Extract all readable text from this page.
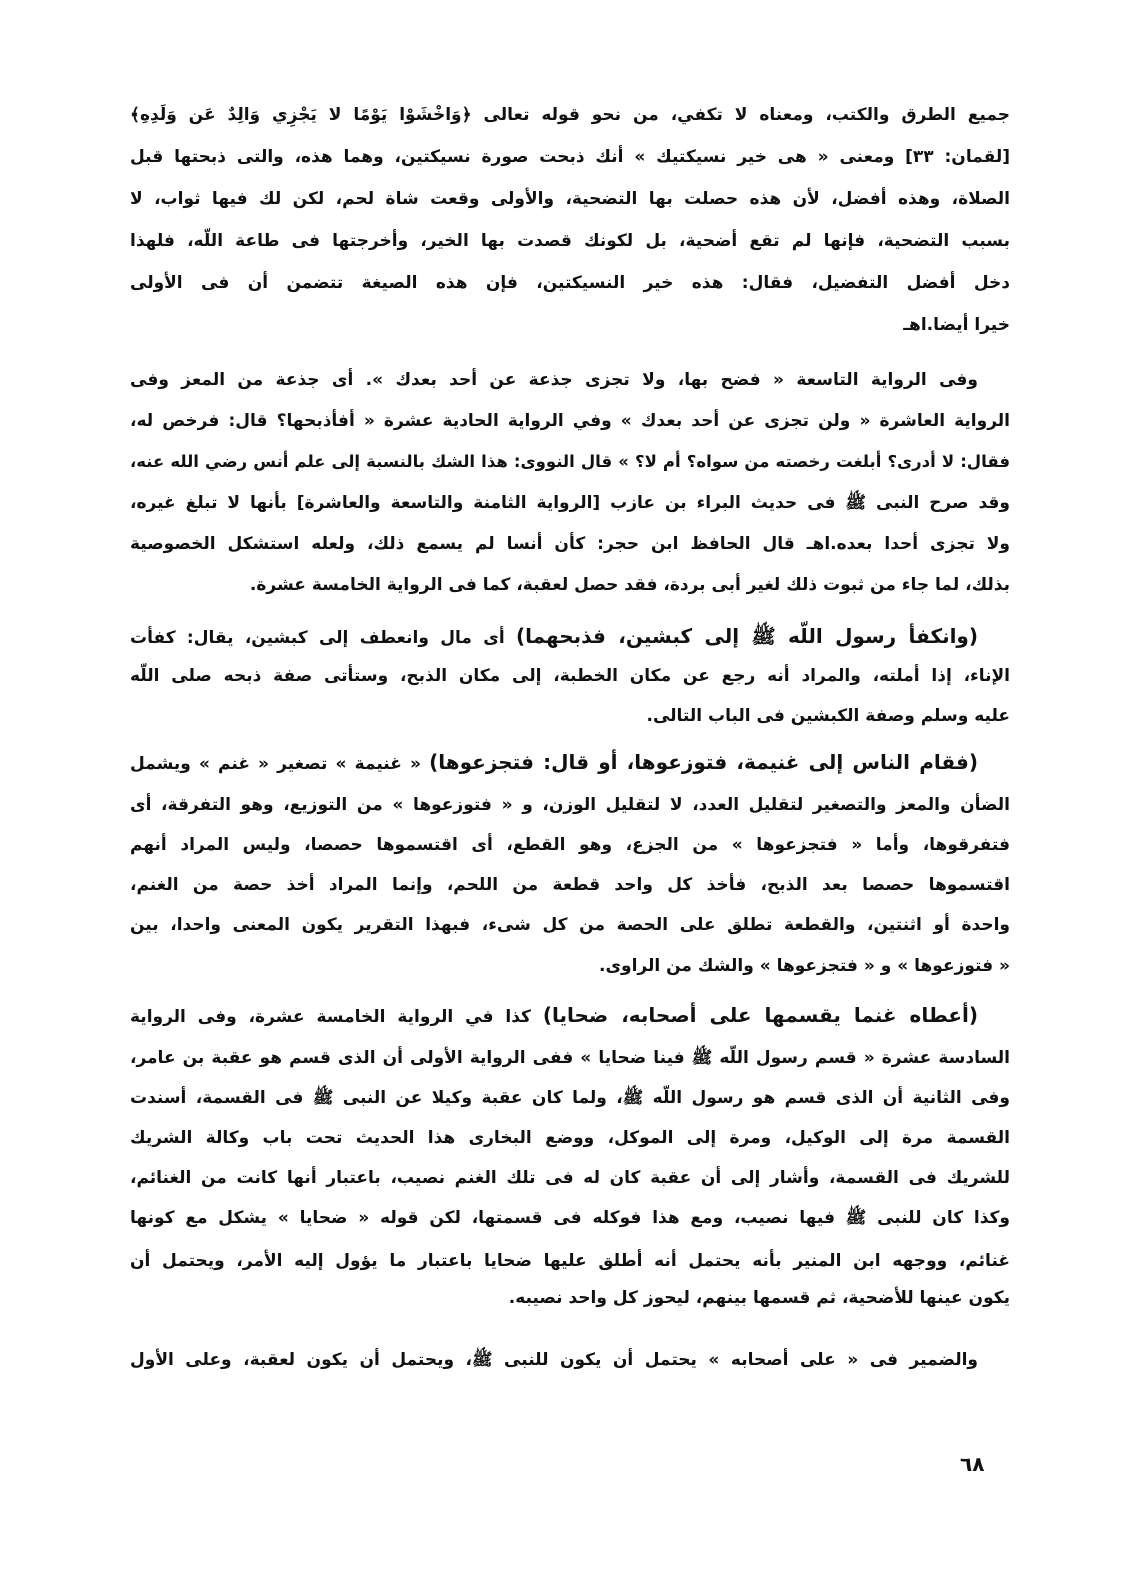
جميع الطرق والكتب، ومعناه لا تكفي، من نحو قوله تعالى ﴿وَاخْشَوْا يَوْمًا لا يَجْزِي وَالِدٌ عَن وَلَدِهِ﴾
[لقمان: ٣٣] ومعنى « هى خير نسيكتيك » أنك ذبحت صورة نسيكتين، وهما هذه، والتى ذبحتها قبل
الصلاة، وهذه أفضل، لأن هذه حصلت بها التضحية، والأولى وقعت شاة لحم، لكن لك فيها ثواب، لا
بسبب التضحية، فإنها لم تقع أضحية، بل لكونك قصدت بها الخير، وأخرجتها فى طاعة اللّه، فلهذا
دخل أفضل التفضيل، فقال: هذه خير النسيكتين، فإن هذه الصيغة تتضمن أن فى الأولى
خيرا أيضا.اهـ
وفى الرواية التاسعة « فضح بها، ولا تجزى جذعة عن أحد بعدك ». أى جذعة من المعز وفى
الرواية العاشرة « ولن تجزى عن أحد بعدك » وفي الرواية الحادية عشرة « أفأذبحها؟ قال: فرخص له،
فقال: لا أدرى؟ أبلغت رخصته من سواه؟ أم لا؟ » قال النووى: هذا الشك بالنسبة إلى علم أنس رضي الله عنه،
وقد صرح النبى ﷺ فى حديث البراء بن عازب [الرواية الثامنة والتاسعة والعاشرة] بأنها لا تبلغ غيره،
ولا تجزى أحدا بعده.اهـ قال الحافظ ابن حجر: كأن أنسا لم يسمع ذلك، ولعله استشكل الخصوصية
بذلك، لما جاء من ثبوت ذلك لغير أبى بردة، فقد حصل لعقبة، كما فى الرواية الخامسة عشرة.
(وانكفأ رسول اللّه ﷺ إلى كبشين، فذبحهما) أى مال وانعطف إلى كبشين، يقال: كفأت
الإناء، إذا أملته، والمراد أنه رجع عن مكان الخطبة، إلى مكان الذبح، وستأتى صفة ذبحه صلى اللّه
عليه وسلم وصفة الكبشين فى الباب التالى.
(فقام الناس إلى غنيمة، فتوزعوها، أو قال: فتجزعوها) « غنيمة » تصغير « غنم » ويشمل
الضأن والمعز والتصغير لتقليل العدد، لا لتقليل الوزن، و « فتوزعوها » من التوزيع، وهو التفرقة، أى
فتفرقوها، وأما « فتجزعوها » من الجزع، وهو القطع، أى اقتسموها حصصا، وليس المراد أنهم
اقتسموها حصصا بعد الذبح، فأخذ كل واحد قطعة من اللحم، وإنما المراد أخذ حصة من الغنم،
واحدة أو اثنتين، والقطعة تطلق على الحصة من كل شىء، فبهذا التقرير يكون المعنى واحدا، بين
« فتوزعوها » و « فتجزعوها » والشك من الراوى.
(أعطاه غنما يقسمها على أصحابه، ضحايا) كذا في الرواية الخامسة عشرة، وفى الرواية
السادسة عشرة « قسم رسول اللّه ﷺ فينا ضحايا » ففى الرواية الأولى أن الذى قسم هو عقبة بن عامر،
وفى الثانية أن الذى قسم هو رسول اللّه ﷺ، ولما كان عقبة وكيلا عن النبى ﷺ فى القسمة، أسندت
القسمة مرة إلى الوكيل، ومرة إلى الموكل، ووضع البخارى هذا الحديث تحت باب وكالة الشريك
للشريك فى القسمة، وأشار إلى أن عقبة كان له فى تلك الغنم نصيب، باعتبار أنها كانت من الغنائم،
وكذا كان للنبى ﷺ فيها نصيب، ومع هذا فوكله فى قسمتها، لكن قوله « ضحايا » يشكل مع كونها
غنائم، ووجهه ابن المنير بأنه يحتمل أنه أطلق عليها ضحايا باعتبار ما يؤول إليه الأمر، ويحتمل أن
يكون عينها للأضحية، ثم قسمها بينهم، ليحوز كل واحد نصيبه.
والضمير فى « على أصحابه » يحتمل أن يكون للنبى ﷺ، ويحتمل أن يكون لعقبة، وعلى الأول
٦٨
